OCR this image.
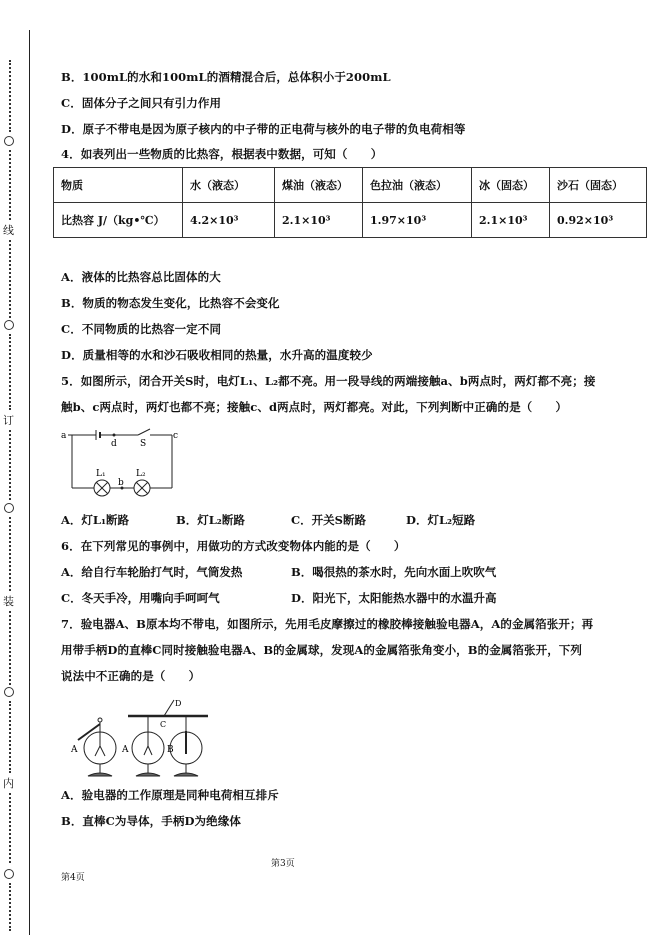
线
订
装
内
B．100mL的水和100mL的酒精混合后，总体积小于200mL
C．固体分子之间只有引力作用
D．原子不带电是因为原子核内的中子带的正电荷与核外的电子带的负电荷相等
4．如表列出一些物质的比热容，根据表中数据，可知（　　）
物质	水（液态）	煤油（液态）	色拉油（液态）	冰（固态）	沙石（固态）
比热容 J/（kg•℃）	4.2×10³	2.1×10³	1.97×10³	2.1×10³	0.92×10³
A．液体的比热容总比固体的大
B．物质的物态发生变化，比热容不会变化
C．不同物质的比热容一定不同
D．质量相等的水和沙石吸收相同的热量，水升高的温度较少
5．如图所示，闭合开关S时，电灯L₁、L₂都不亮。用一段导线的两端接触a、b两点时，两灯都不亮；接
触b、c两点时，两灯也都不亮；接触c、d两点时，两灯都亮。对此，下列判断中正确的是（　　）
a
d	S
c
L₁	L₂
b
A．灯L₁断路	B．灯L₂断路	C．开关S断路	D．灯L₂短路
6．在下列常见的事例中，用做功的方式改变物体内能的是（　　）
A．给自行车轮胎打气时，气筒发热	B．喝很热的茶水时，先向水面上吹吹气
C．冬天手冷，用嘴向手呵呵气	D．阳光下，太阳能热水器中的水温升高
7．验电器A、B原本均不带电，如图所示，先用毛皮摩擦过的橡胶棒接触验电器A，A的金属箔张开；再
用带手柄D的直棒C同时接触验电器A、B的金属球，发现A的金属箔张角变小，B的金属箔张开，下列
说法中不正确的是（　　）
A	A	B
C
D
A．验电器的工作原理是同种电荷相互排斥
B．直棒C为导体，手柄D为绝缘体
第3页
第4页
